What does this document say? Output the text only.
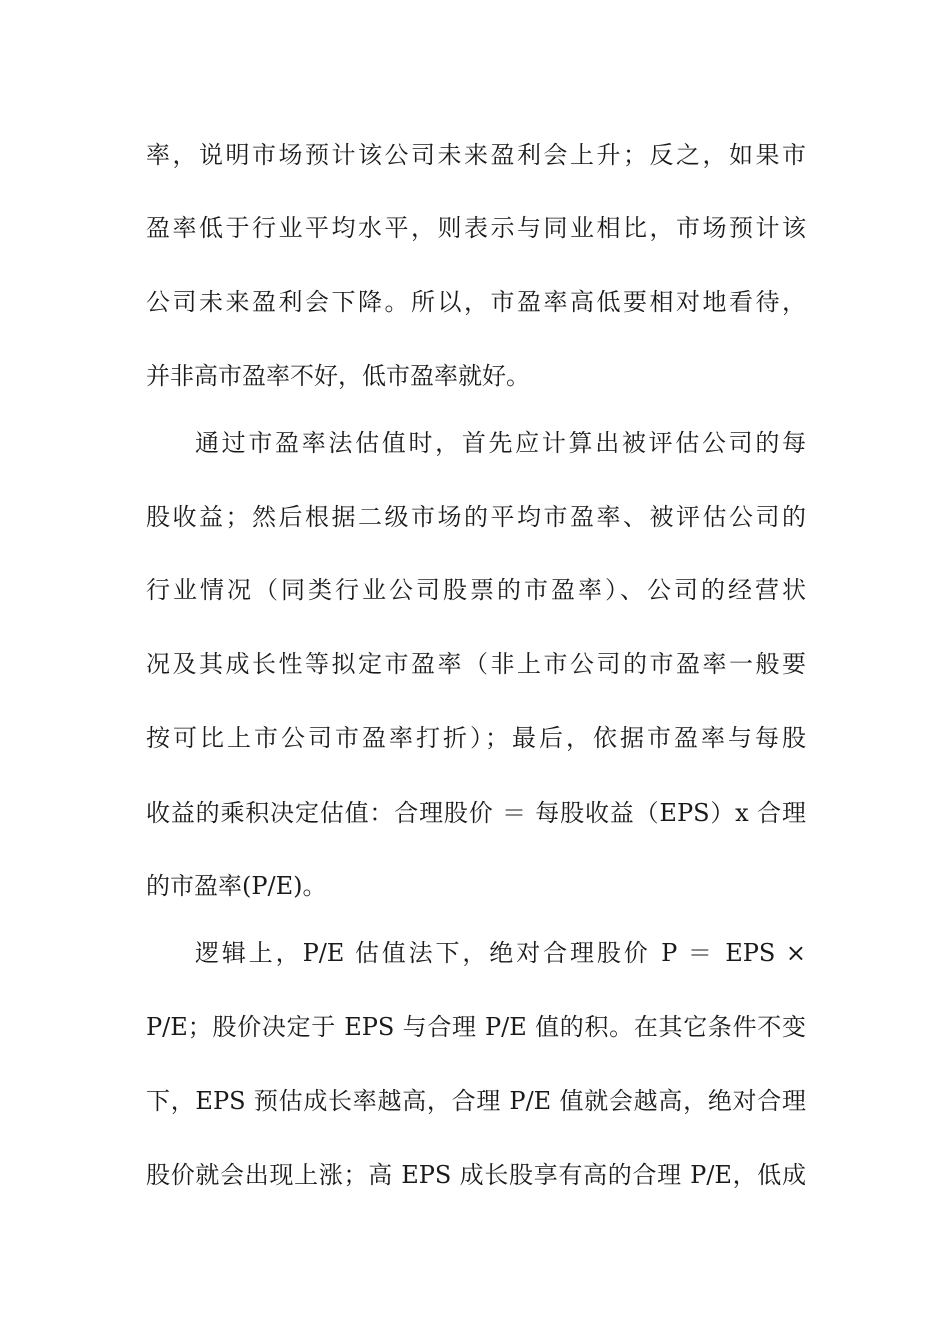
率，说明市场预计该公司未来盈利会上升；反之，如果市
盈率低于行业平均水平，则表示与同业相比，市场预计该
公司未来盈利会下降。所以，市盈率高低要相对地看待，
并非高市盈率不好，低市盈率就好。
通过市盈率法估值时，首先应计算出被评估公司的每
股收益；然后根据二级市场的平均市盈率、被评估公司的
行业情况（同类行业公司股票的市盈率）、公司的经营状
况及其成长性等拟定市盈率（非上市公司的市盈率一般要
按可比上市公司市盈率打折）；最后，依据市盈率与每股
收益的乘积决定估值：合理股价 ＝ 每股收益（EPS）x 合理
的市盈率(P/E)。
逻辑上，P/E 估值法下，绝对合理股价 P ＝ EPS ×
P/E；股价决定于 EPS 与合理 P/E 值的积。在其它条件不变
下，EPS 预估成长率越高，合理 P/E 值就会越高，绝对合理
股价就会出现上涨；高 EPS 成长股享有高的合理 P/E，低成
